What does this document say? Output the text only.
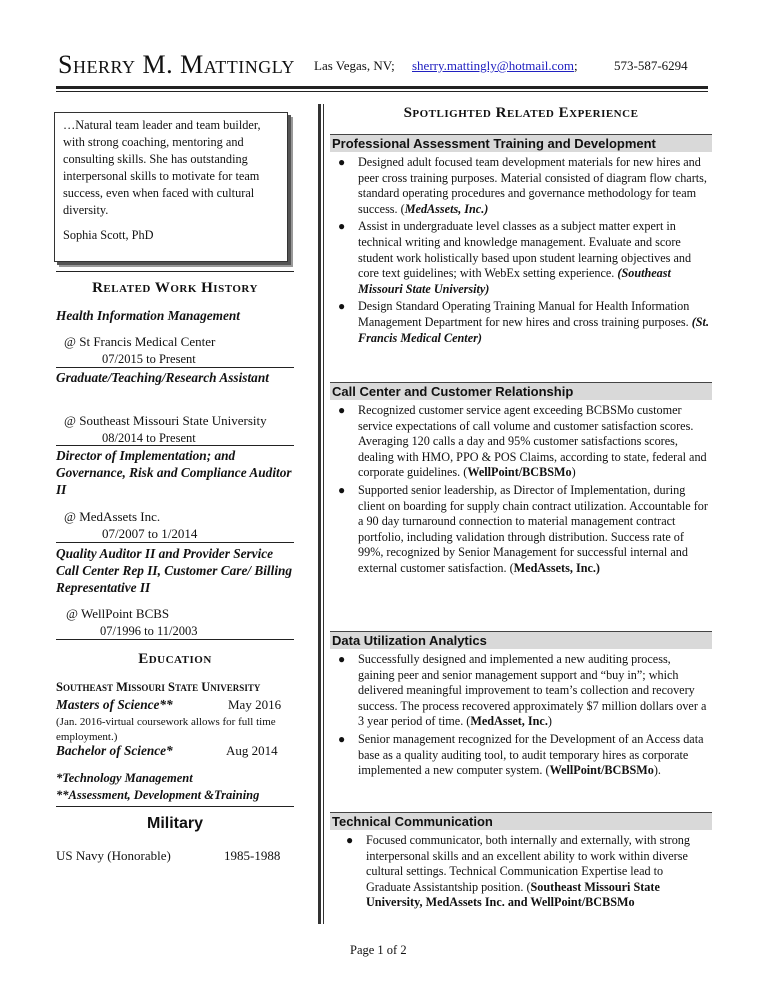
Sherry M. Mattingly Las Vegas, NV; sherry.mattingly@hotmail.com;	573-587-6294
…Natural team leader and team builder, with strong coaching, mentoring and consulting skills. She has outstanding interpersonal skills to motivate for team success, even when faced with cultural diversity.
Sophia Scott, PhD
Related Work History
Health Information Management
@ St Francis Medical Center
07/2015 to Present
Graduate/Teaching/Research Assistant
@ Southeast Missouri State University
08/2014 to Present
Director of Implementation; and Governance, Risk and Compliance Auditor II
@ MedAssets Inc.
07/2007 to 1/2014
Quality Auditor II and Provider Service Call Center Rep II, Customer Care/ Billing Representative II
@ WellPoint BCBS
07/1996 to 11/2003
Education
Southeast Missouri State University
Masters of Science**	May 2016
(Jan. 2016-virtual coursework allows for full time employment.)
Bachelor of Science*	Aug 2014
*Technology Management
**Assessment, Development &Training
Military
US Navy (Honorable)	1985-1988
Spotlighted Related Experience
Professional Assessment Training and Development
● Designed adult focused team development materials for new hires and peer cross training purposes. Material consisted of diagram flow charts, standard operating procedures and governance methodology for team success. (MedAssets, Inc.)
● Assist in undergraduate level classes as a subject matter expert in technical writing and knowledge management. Evaluate and score student work holistically based upon student learning objectives and core text guidelines; with WebEx setting experience. (Southeast Missouri State University)
● Design Standard Operating Training Manual for Health Information Management Department for new hires and cross training purposes. (St. Francis Medical Center)
Call Center and Customer Relationship
● Recognized customer service agent exceeding BCBSMo customer service expectations of call volume and customer satisfaction scores. Averaging 120 calls a day and 95% customer satisfactions scores, dealing with HMO, PPO & POS Claims, according to state, federal and corporate guidelines. (WellPoint/BCBSMo)
● Supported senior leadership, as Director of Implementation, during client on boarding for supply chain contract utilization. Accountable for a 90 day turnaround connection to material management contract portfolio, including validation through distribution. Success rate of 99%, recognized by Senior Management for successful internal and external customer satisfaction. (MedAssets, Inc.)
Data Utilization Analytics
● Successfully designed and implemented a new auditing process, gaining peer and senior management support and “buy in”; which delivered meaningful improvement to team’s collection and recovery success. The process recovered approximately $7 million dollars over a 3 year period of time. (MedAsset, Inc.)
● Senior management recognized for the Development of an Access data base as a quality auditing tool, to audit temporary hires as corporate implemented a new computer system. (WellPoint/BCBSMo).
Technical Communication
● Focused communicator, both internally and externally, with strong interpersonal skills and an excellent ability to work within diverse cultural settings. Technical Communication Expertise lead to Graduate Assistantship position. (Southeast Missouri State University, MedAssets Inc. and WellPoint/BCBSMo
Page 1 of 2
